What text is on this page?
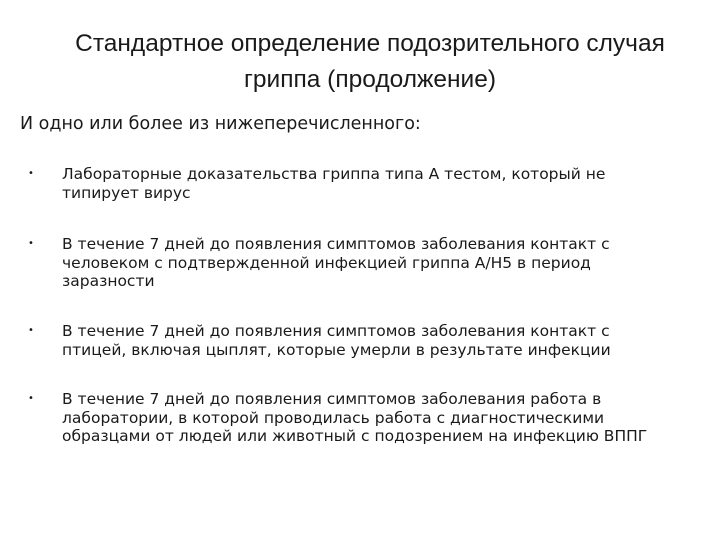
Стандартное определение подозрительного случая
гриппа (продолжение)
И одно или более из нижеперечисленного:
• Лабораторные доказательства гриппа типа А тестом, который не
типирует вирус
• В течение 7 дней до появления симптомов заболевания контакт с
человеком с подтвержденной инфекцией гриппа А/Н5 в период
заразности
• В течение 7 дней до появления симптомов заболевания контакт с
птицей, включая цыплят, которые умерли в результате инфекции
• В течение 7 дней до появления симптомов заболевания работа в
лаборатории, в которой проводилась работа с диагностическими
образцами от людей или животный с подозрением на инфекцию ВППГ
